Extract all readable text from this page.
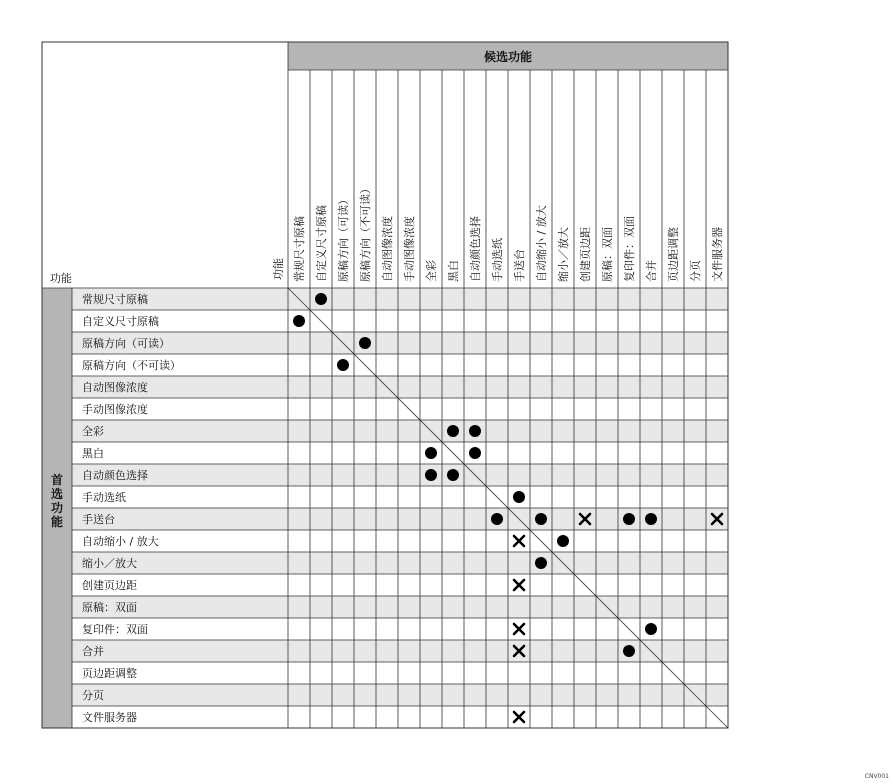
候选功能
功能	功能 常规尺寸原稿 自定义尺寸原稿 原稿方向（可读） 原稿方向（不可读） 自动图像浓度 手动图像浓度 全彩 黑白 自动颜色选择 手动选纸 手送台 自动缩小 / 放大 缩小／放大 创建页边距 原稿：双面 复印件：双面 合并 页边距调整 分页 文件服务器
首选功能
常规尺寸原稿
自定义尺寸原稿
原稿方向（可读）
原稿方向（不可读）
自动图像浓度
手动图像浓度
全彩
黑白
自动颜色选择
手动选纸
手送台
自动缩小 / 放大
缩小／放大
创建页边距
原稿：双面
复印件：双面
合并
页边距调整
分页
文件服务器
CNV001
